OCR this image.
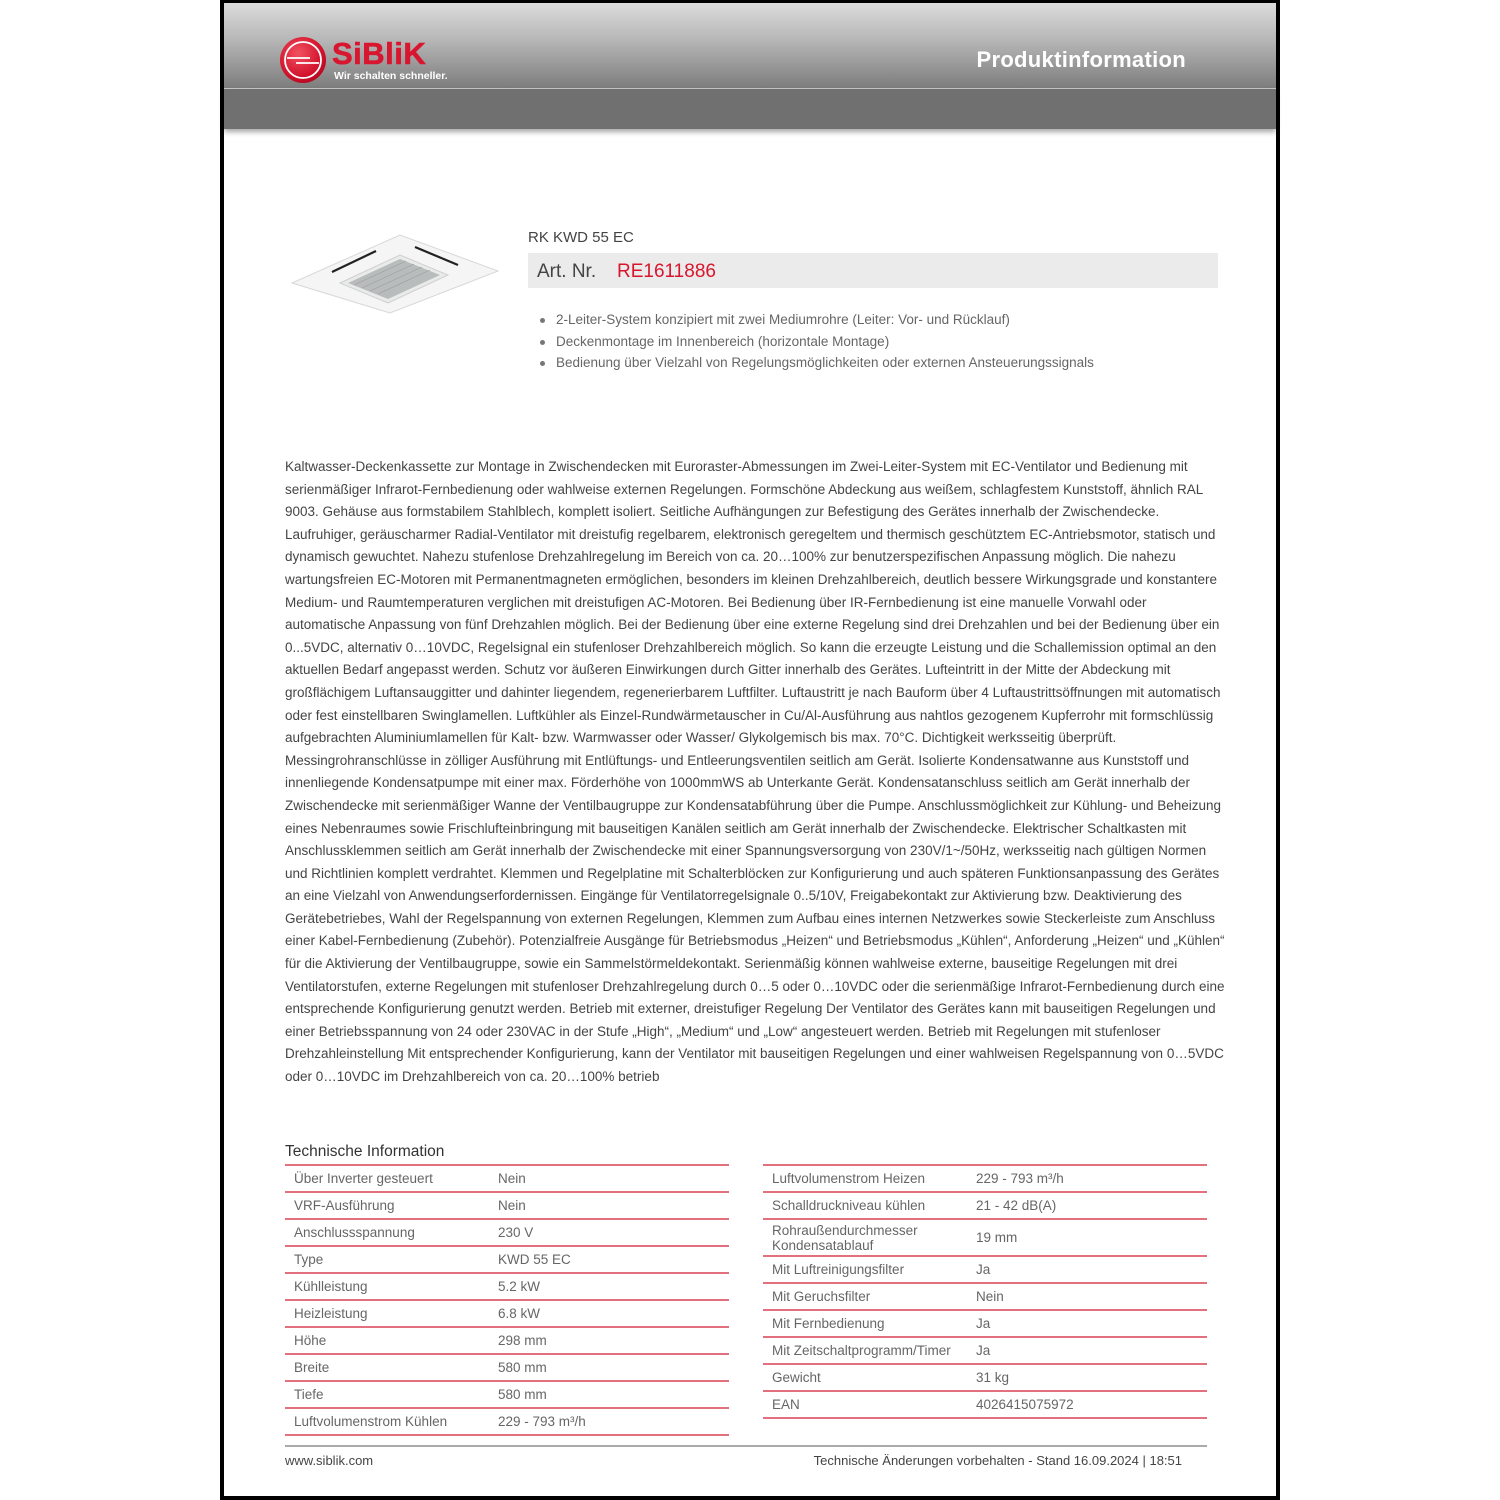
SiBliK
Wir schalten schneller.
Produktinformation
RK KWD 55 EC
Art. Nr. RE1611886
2-Leiter-System konzipiert mit zwei Mediumrohre (Leiter: Vor- und Rücklauf)
Deckenmontage im Innenbereich (horizontale Montage)
Bedienung über Vielzahl von Regelungsmöglichkeiten oder externen Ansteuerungssignals

Kaltwasser-Deckenkassette zur Montage in Zwischendecken mit Euroraster-Abmessungen im Zwei-Leiter-System mit EC-Ventilator und Bedienung mit serienmäßiger Infrarot-Fernbedienung oder wahlweise externen Regelungen. Formschöne Abdeckung aus weißem, schlagfestem Kunststoff, ähnlich RAL 9003. Gehäuse aus formstabilem Stahlblech, komplett isoliert. Seitliche Aufhängungen zur Befestigung des Gerätes innerhalb der Zwischendecke. Laufruhiger, geräuscharmer Radial-Ventilator mit dreistufig regelbarem, elektronisch geregeltem und thermisch geschütztem EC-Antriebsmotor, statisch und dynamisch gewuchtet. Nahezu stufenlose Drehzahlregelung im Bereich von ca. 20…100% zur benutzerspezifischen Anpassung möglich. Die nahezu wartungsfreien EC-Motoren mit Permanentmagneten ermöglichen, besonders im kleinen Drehzahlbereich, deutlich bessere Wirkungsgrade und konstantere Medium- und Raumtemperaturen verglichen mit dreistufigen AC-Motoren. Bei Bedienung über IR-Fernbedienung ist eine manuelle Vorwahl oder automatische Anpassung von fünf Drehzahlen möglich. Bei der Bedienung über eine externe Regelung sind drei Drehzahlen und bei der Bedienung über ein 0...5VDC, alternativ 0…10VDC, Regelsignal ein stufenloser Drehzahlbereich möglich. So kann die erzeugte Leistung und die Schallemission optimal an den aktuellen Bedarf angepasst werden. Schutz vor äußeren Einwirkungen durch Gitter innerhalb des Gerätes. Lufteintritt in der Mitte der Abdeckung mit großflächigem Luftansauggitter und dahinter liegendem, regenerierbarem Luftfilter. Luftaustritt je nach Bauform über 4 Luftaustrittsöffnungen mit automatisch oder fest einstellbaren Swinglamellen. Luftkühler als Einzel-Rundwärmetauscher in Cu/Al-Ausführung aus nahtlos gezogenem Kupferrohr mit formschlüssig aufgebrachten Aluminiumlamellen für Kalt- bzw. Warmwasser oder Wasser/ Glykolgemisch bis max. 70°C. Dichtigkeit werksseitig überprüft. Messingrohranschlüsse in zölliger Ausführung mit Entlüftungs- und Entleerungsventilen seitlich am Gerät. Isolierte Kondensatwanne aus Kunststoff und innenliegende Kondensatpumpe mit einer max. Förderhöhe von 1000mmWS ab Unterkante Gerät. Kondensatanschluss seitlich am Gerät innerhalb der Zwischendecke mit serienmäßiger Wanne der Ventilbaugruppe zur Kondensatabführung über die Pumpe. Anschlussmöglichkeit zur Kühlung- und Beheizung eines Nebenraumes sowie Frischlufteinbringung mit bauseitigen Kanälen seitlich am Gerät innerhalb der Zwischendecke. Elektrischer Schaltkasten mit Anschlussklemmen seitlich am Gerät innerhalb der Zwischendecke mit einer Spannungsversorgung von 230V/1~/50Hz, werksseitig nach gültigen Normen und Richtlinien komplett verdrahtet. Klemmen und Regelplatine mit Schalterblöcken zur Konfigurierung und auch späteren Funktionsanpassung des Gerätes an eine Vielzahl von Anwendungserfordernissen. Eingänge für Ventilatorregelsignale 0..5/10V, Freigabekontakt zur Aktivierung bzw. Deaktivierung des Gerätebetriebes, Wahl der Regelspannung von externen Regelungen, Klemmen zum Aufbau eines internen Netzwerkes sowie Steckerleiste zum Anschluss einer Kabel-Fernbedienung (Zubehör). Potenzialfreie Ausgänge für Betriebsmodus „Heizen“ und Betriebsmodus „Kühlen“, Anforderung „Heizen“ und „Kühlen“ für die Aktivierung der Ventilbaugruppe, sowie ein Sammelstörmeldekontakt. Serienmäßig können wahlweise externe, bauseitige Regelungen mit drei Ventilatorstufen, externe Regelungen mit stufenloser Drehzahlregelung durch 0…5 oder 0…10VDC oder die serienmäßige Infrarot-Fernbedienung durch eine entsprechende Konfigurierung genutzt werden. Betrieb mit externer, dreistufiger Regelung Der Ventilator des Gerätes kann mit bauseitigen Regelungen und einer Betriebsspannung von 24 oder 230VAC in der Stufe „High“, „Medium“ und „Low“ angesteuert werden. Betrieb mit Regelungen mit stufenloser Drehzahleinstellung Mit entsprechender Konfigurierung, kann der Ventilator mit bauseitigen Regelungen und einer wahlweisen Regelspannung von 0…5VDC oder 0…10VDC im Drehzahlbereich von ca. 20…100% betrieb

Technische Information
Über Inverter gesteuert	Nein
VRF-Ausführung	Nein
Anschlussspannung	230 V
Type	KWD 55 EC
Kühlleistung	5.2 kW
Heizleistung	6.8 kW
Höhe	298 mm
Breite	580 mm
Tiefe	580 mm
Luftvolumenstrom Kühlen	229 - 793 m³/h
Luftvolumenstrom Heizen	229 - 793 m³/h
Schalldruckniveau kühlen	21 - 42 dB(A)
Rohraußendurchmesser Kondensatablauf	19 mm
Mit Luftreinigungsfilter	Ja
Mit Geruchsfilter	Nein
Mit Fernbedienung	Ja
Mit Zeitschaltprogramm/Timer	Ja
Gewicht	31 kg
EAN	4026415075972
www.siblik.com	Technische Änderungen vorbehalten - Stand 16.09.2024 | 18:51
